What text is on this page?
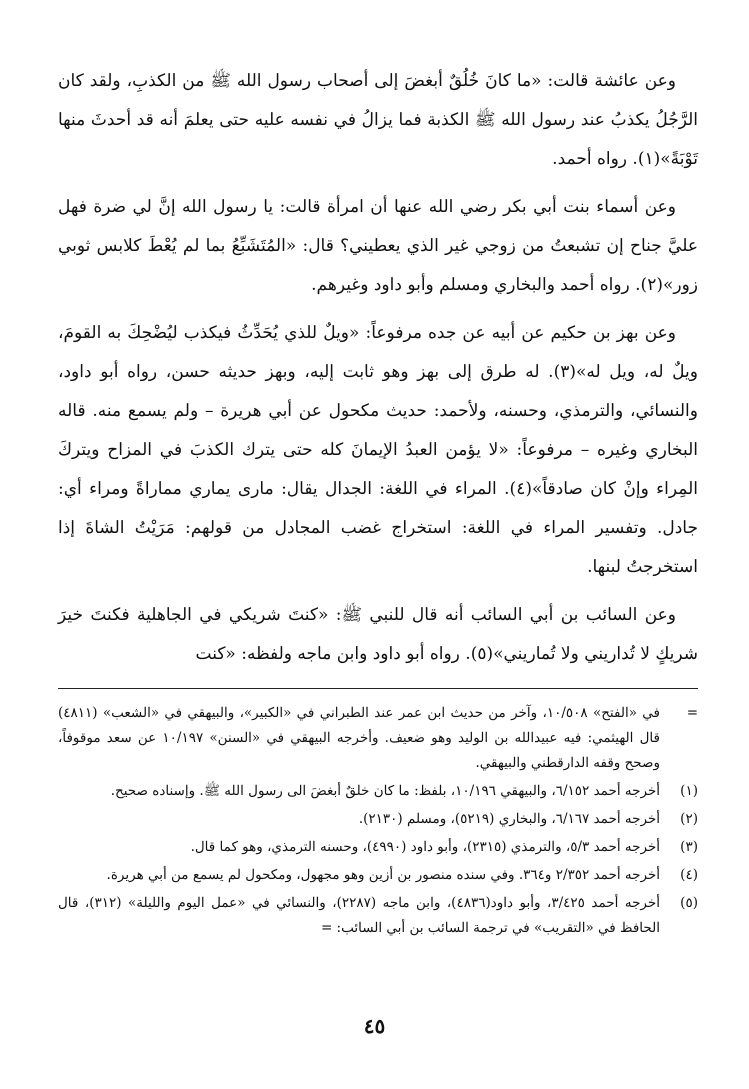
وعن عائشة قالت: «ما كانَ خُلُقٌ أبغضَ إلى أصحاب رسول الله ﷺ من الكذبِ، ولقد كان الرَّجُلُ يكذبُ عند رسول الله ﷺ الكذبة فما يزالُ في نفسه عليه حتى يعلمَ أنه قد أحدثَ منها تَوْبَةً»(١). رواه أحمد.

وعن أسماء بنت أبي بكر رضي الله عنها أن امرأة قالت: يا رسول الله إنَّ لي ضرة فهل عليَّ جناح إن تشبعتُ من زوجي غير الذي يعطيني؟ قال: «المُتَشَبِّعُ بما لم يُعْطَ كلابس ثوبي زور»(٢). رواه أحمد والبخاري ومسلم وأبو داود وغيرهم.

وعن بهز بن حكيم عن أبيه عن جده مرفوعاً: «ويلٌ للذي يُحَدِّثُ فيكذب ليُضْحِكَ به القومَ، ويلٌ له، ويل له»(٣). له طرق إلى بهز وهو ثابت إليه، وبهز حديثه حسن، رواه أبو داود، والنسائي، والترمذي، وحسنه، ولأحمد: حديث مكحول عن أبي هريرة – ولم يسمع منه. قاله البخاري وغيره – مرفوعاً: «لا يؤمن العبدُ الإيمانَ كله حتى يترك الكذبَ في المزاح ويتركَ المِراء وإنْ كان صادقاً»(٤). المراء في اللغة: الجدال يقال: مارى يماري مماراةً ومراء أي: جادل. وتفسير المراء في اللغة: استخراج غضب المجادل من قولهم: مَرَيْتُ الشاةَ إذا استخرجتُ لبنها.

وعن السائب بن أبي السائب أنه قال للنبي ﷺ: «كنتَ شريكي في الجاهلية فكنتَ خيرَ شريكٍ لا تُداريني ولا تُماريني»(٥). رواه أبو داود وابن ماجه ولفظه: «كنت

=
في «الفتح» ١٠/٥٠٨، وآخر من حديث ابن عمر عند الطبراني في «الكبير»، والبيهقي في «الشعب» (٤٨١١) قال الهيثمي: فيه عبيدالله بن الوليد وهو ضعيف. وأخرجه البيهقي في «السنن» ١٠/١٩٧ عن سعد موقوفاً، وصحح وقفه الدارقطني والبيهقي.
(١)
أخرجه أحمد ٦/١٥٢، والبيهقي ١٠/١٩٦، بلفظ: ما كان خلقٌ أبغضَ الى رسول الله ﷺ. وإسناده صحيح.
(٢)
أخرجه أحمد ٦/١٦٧، والبخاري (٥٢١٩)، ومسلم (٢١٣٠).
(٣)
أخرجه أحمد ٥/٣، والترمذي (٢٣١٥)، وأبو داود (٤٩٩٠)، وحسنه الترمذي، وهو كما قال.
(٤)
أخرجه أحمد ٢/٣٥٢ و٣٦٤. وفي سنده منصور بن أزين وهو مجهول، ومكحول لم يسمع من أبي هريرة.
(٥)
أخرجه أحمد ٣/٤٢٥، وأبو داود(٤٨٣٦)، وابن ماجه (٢٢٨٧)، والنسائي في «عمل اليوم والليلة» (٣١٢)، قال الحافظ في «التقريب» في ترجمة السائب بن أبي السائب: =
٤٥
